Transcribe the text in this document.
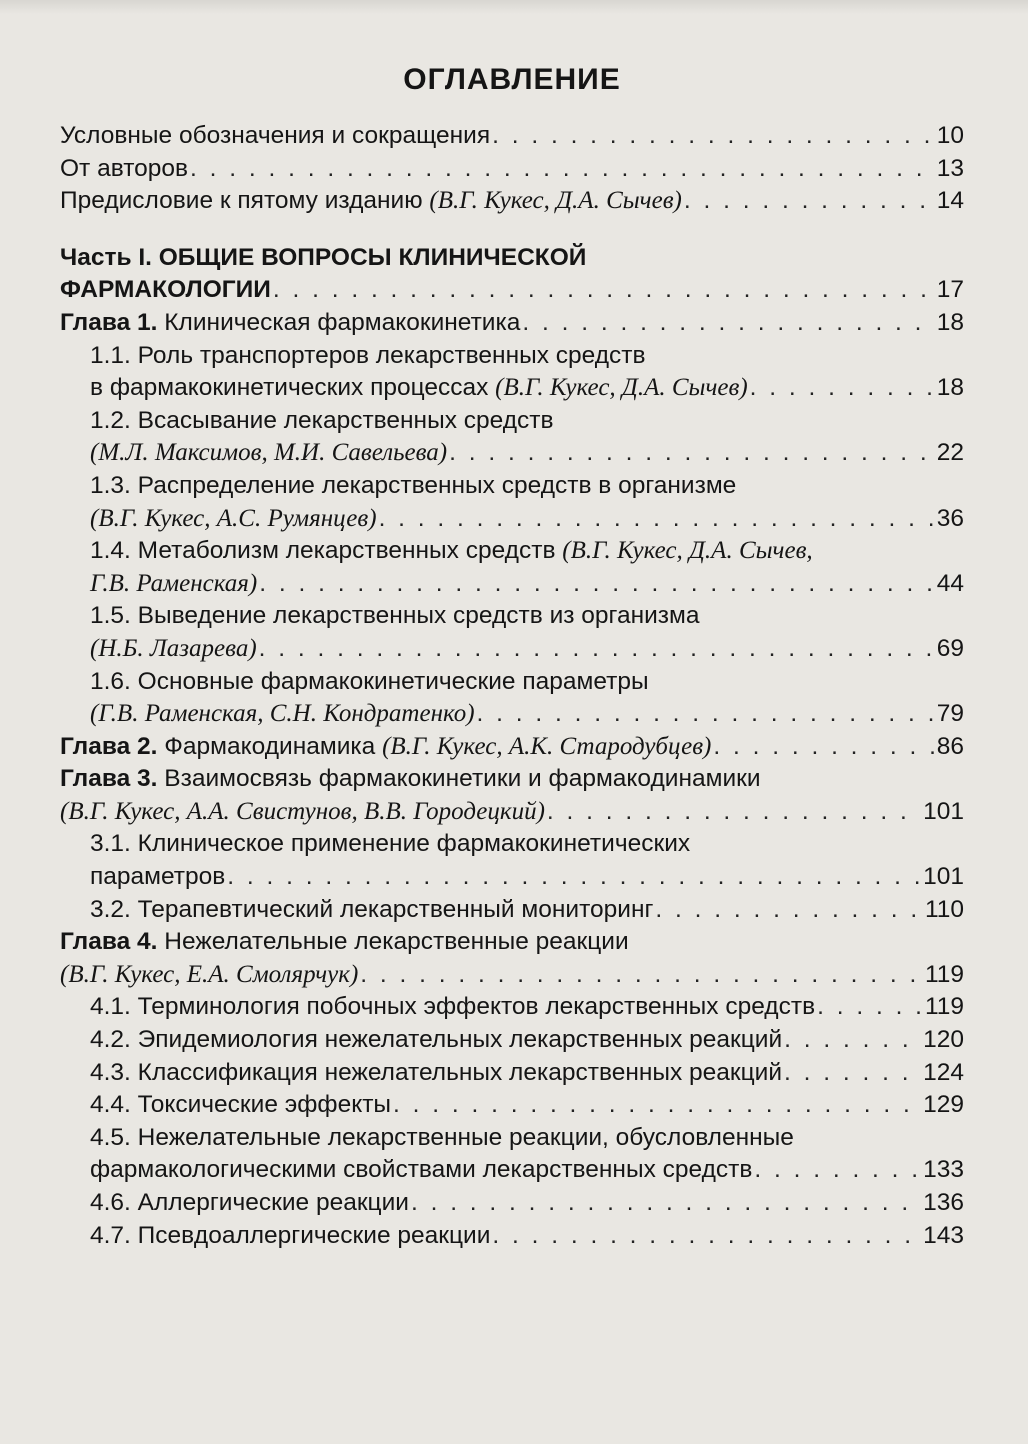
ОГЛАВЛЕНИЕ
Условные обозначения и сокращения . . .	10
От авторов . . .	13
Предисловие к пятому изданию (В.Г. Кукес, Д.А. Сычев) . . .	14
Часть I. ОБЩИЕ ВОПРОСЫ КЛИНИЧЕСКОЙ
ФАРМАКОЛОГИИ . . .	17
Глава 1. Клиническая фармакокинетика . . .	18
1.1. Роль транспортеров лекарственных средств
в фармакокинетических процессах (В.Г. Кукес, Д.А. Сычев) . . .	18
1.2. Всасывание лекарственных средств
(М.Л. Максимов, М.И. Савельева) . . .	22
1.3. Распределение лекарственных средств в организме
(В.Г. Кукес, А.С. Румянцев) . . .	36
1.4. Метаболизм лекарственных средств (В.Г. Кукес, Д.А. Сычев,
Г.В. Раменская) . . .	44
1.5. Выведение лекарственных средств из организма
(Н.Б. Лазарева) . . .	69
1.6. Основные фармакокинетические параметры
(Г.В. Раменская, С.Н. Кондратенко) . . .	79
Глава 2. Фармакодинамика (В.Г. Кукес, А.К. Стародубцев) . . .	86
Глава 3. Взаимосвязь фармакокинетики и фармакодинамики
(В.Г. Кукес, А.А. Свистунов, В.В. Городецкий) . . .	101
3.1. Клиническое применение фармакокинетических
параметров . . .	101
3.2. Терапевтический лекарственный мониторинг . . .	110
Глава 4. Нежелательные лекарственные реакции
(В.Г. Кукес, Е.А. Смолярчук) . . .	119
4.1. Терминология побочных эффектов лекарственных средств . . .	119
4.2. Эпидемиология нежелательных лекарственных реакций . . .	120
4.3. Классификация нежелательных лекарственных реакций . . .	124
4.4. Токсические эффекты . . .	129
4.5. Нежелательные лекарственные реакции, обусловленные
фармакологическими свойствами лекарственных средств . . .	133
4.6. Аллергические реакции . . .	136
4.7. Псевдоаллергические реакции . . .	143
